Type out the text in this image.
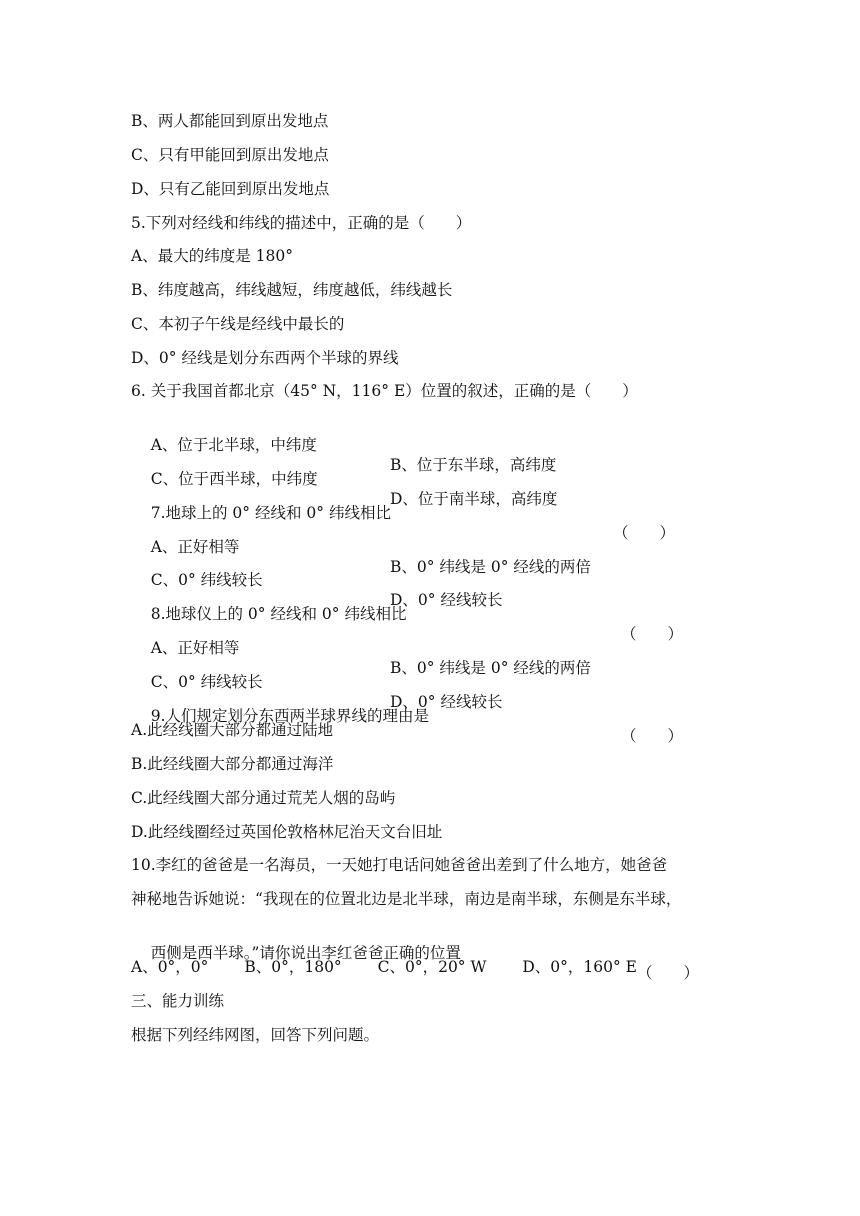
B、两人都能回到原出发地点
C、只有甲能回到原出发地点
D、只有乙能回到原出发地点
5.下列对经线和纬线的描述中，正确的是（　　）
A、最大的纬度是 180°
B、纬度越高，纬线越短，纬度越低，纬线越长
C、本初子午线是经线中最长的
D、0° 经线是划分东西两个半球的界线
6. 关于我国首都北京（45° N，116° E）位置的叙述，正确的是（　　）

A、位于北半球，中纬度

B、位于东半球，高纬度

C、位于西半球，中纬度

D、位于南半球，高纬度

7.地球上的 0° 经线和 0° 纬线相比

（　　）

A、正好相等

B、0° 纬线是 0° 经线的两倍

C、0° 纬线较长

D、0° 经线较长

8.地球仪上的 0° 经线和 0° 纬线相比

（　　）

A、正好相等

B、0° 纬线是 0° 经线的两倍

C、0° 纬线较长

D、0° 经线较长

9.人们规定划分东西两半球界线的理由是

（　　）

A.此经线圈大部分都通过陆地
B.此经线圈大部分都通过海洋
C.此经线圈大部分通过荒芜人烟的岛屿
D.此经线圈经过英国伦敦格林尼治天文台旧址
10.李红的爸爸是一名海员，一天她打电话问她爸爸出差到了什么地方，她爸爸
神秘地告诉她说：“我现在的位置北边是北半球，南边是南半球，东侧是东半球，

西侧是西半球。”请你说出李红爸爸正确的位置

（　　）

A、0°，0°　　 B、0°，180°　　 C、0°，20° W　　 D、0°，160° E
三、能力训练
根据下列经纬网图，回答下列问题。
